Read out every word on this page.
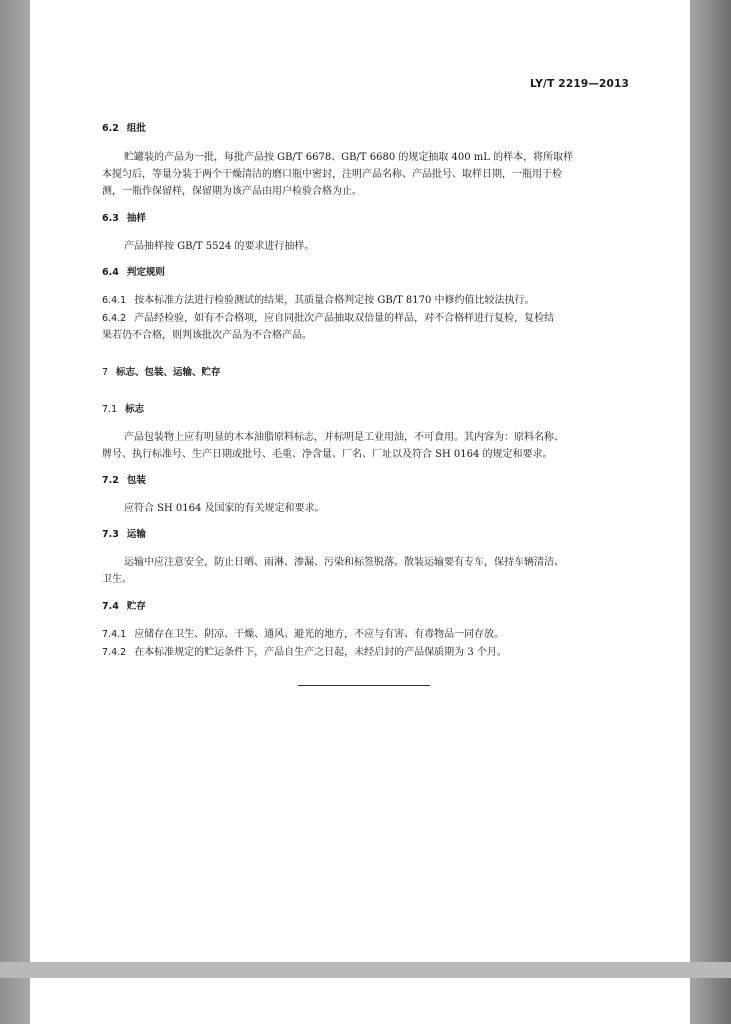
LY/T 2219—2013
6.2 组批
贮罐装的产品为一批，每批产品按 GB/T 6678、GB/T 6680 的规定抽取 400 mL 的样本，将所取样
本搅匀后，等量分装于两个干燥清洁的磨口瓶中密封，注明产品名称、产品批号、取样日期，一瓶用于检
测，一瓶作保留样，保留期为该产品由用户检验合格为止。
6.3 抽样
产品抽样按 GB/T 5524 的要求进行抽样。
6.4 判定规则
6.4.1 按本标准方法进行检验测试的结果，其质量合格判定按 GB/T 8170 中修约值比较法执行。
6.4.2 产品经检验，如有不合格项，应自同批次产品抽取双倍量的样品，对不合格样进行复检，复检结
果若仍不合格，则判该批次产品为不合格产品。
7 标志、包装、运输、贮存
7.1 标志
产品包装物上应有明显的木本油脂原料标志，并标明是工业用油，不可食用。其内容为：原料名称、
牌号、执行标准号、生产日期或批号、毛重、净含量、厂名、厂址以及符合 SH 0164 的规定和要求。
7.2 包装
应符合 SH 0164 及国家的有关规定和要求。
7.3 运输
运输中应注意安全，防止日晒、雨淋、渗漏、污染和标签脱落。散装运输要有专车，保持车辆清洁、
卫生。
7.4 贮存
7.4.1 应储存在卫生、阴凉、干燥、通风、避光的地方，不应与有害、有毒物品一同存放。
7.4.2 在本标准规定的贮运条件下，产品自生产之日起，未经启封的产品保质期为 3 个月。
